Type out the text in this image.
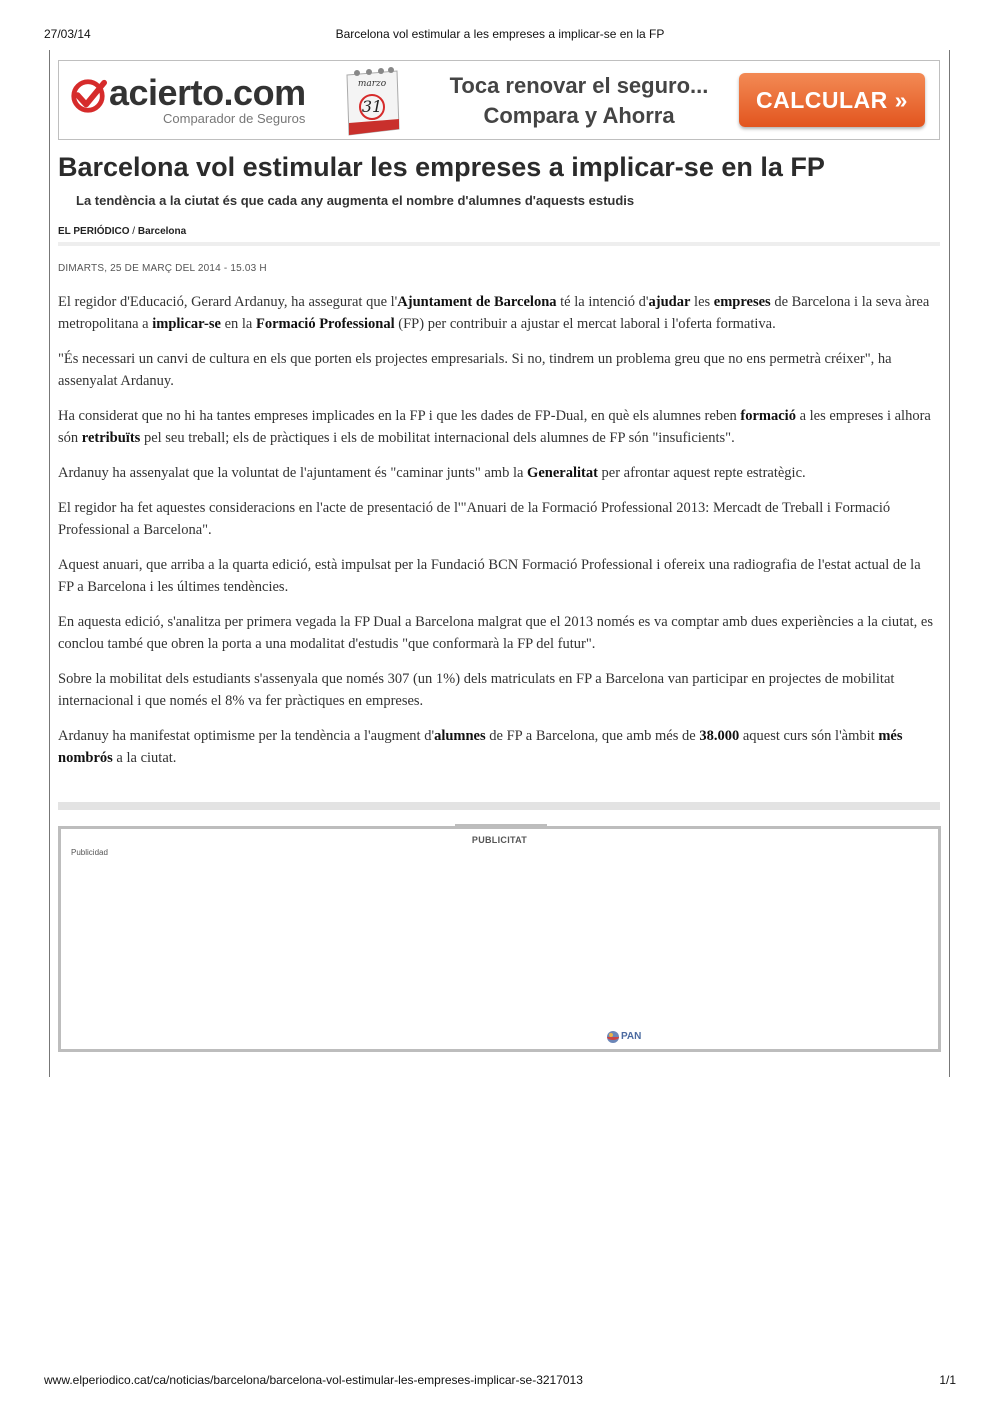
27/03/14	Barcelona vol estimular a les empreses a implicar-se en la FP
acierto.com
Comparador de Seguros
marzo
31
Toca renovar el seguro...
Compara y Ahorra
CALCULAR »
Barcelona vol estimular les empreses a implicar-se en la FP
La tendència a la ciutat és que cada any augmenta el nombre d'alumnes d'aquests estudis
EL PERIÓDICO / Barcelona
DIMARTS, 25 DE MARÇ DEL 2014 - 15.03 H

El regidor d'Educació, Gerard Ardanuy, ha assegurat que l'Ajuntament de Barcelona té la intenció d'ajudar les empreses de Barcelona i la seva àrea metropolitana a implicar-se en la Formació Professional (FP) per contribuir a ajustar el mercat laboral i l'oferta formativa.

"És necessari un canvi de cultura en els que porten els projectes empresarials. Si no, tindrem un problema greu que no ens permetrà créixer", ha assenyalat Ardanuy.

Ha considerat que no hi ha tantes empreses implicades en la FP i que les dades de FP-Dual, en què els alumnes reben formació a les empreses i alhora són retribuïts pel seu treball; els de pràctiques i els de mobilitat internacional dels alumnes de FP són "insuficients".

Ardanuy ha assenyalat que la voluntat de l'ajuntament és "caminar junts" amb la Generalitat per afrontar aquest repte estratègic.

El regidor ha fet aquestes consideracions en l'acte de presentació de l'"Anuari de la Formació Professional 2013: Mercadt de Treball i Formació Professional a Barcelona".

Aquest anuari, que arriba a la quarta edició, està impulsat per la Fundació BCN Formació Professional i ofereix una radiografia de l'estat actual de la FP a Barcelona i les últimes tendències.

En aquesta edició, s'analitza per primera vegada la FP Dual a Barcelona malgrat que el 2013 només es va comptar amb dues experiències a la ciutat, es conclou també que obren la porta a una modalitat d'estudis "que conformarà la FP del futur".

Sobre la mobilitat dels estudiants s'assenyala que només 307 (un 1%) dels matriculats en FP a Barcelona van participar en projectes de mobilitat internacional i que només el 8% va fer pràctiques en empreses.

Ardanuy ha manifestat optimisme per la tendència a l'augment d'alumnes de FP a Barcelona, que amb més de 38.000 aquest curs són l'àmbit més nombrós a la ciutat.

PUBLICITAT
Publicidad
PAN
www.elperiodico.cat/ca/noticias/barcelona/barcelona-vol-estimular-les-empreses-implicar-se-3217013	1/1
